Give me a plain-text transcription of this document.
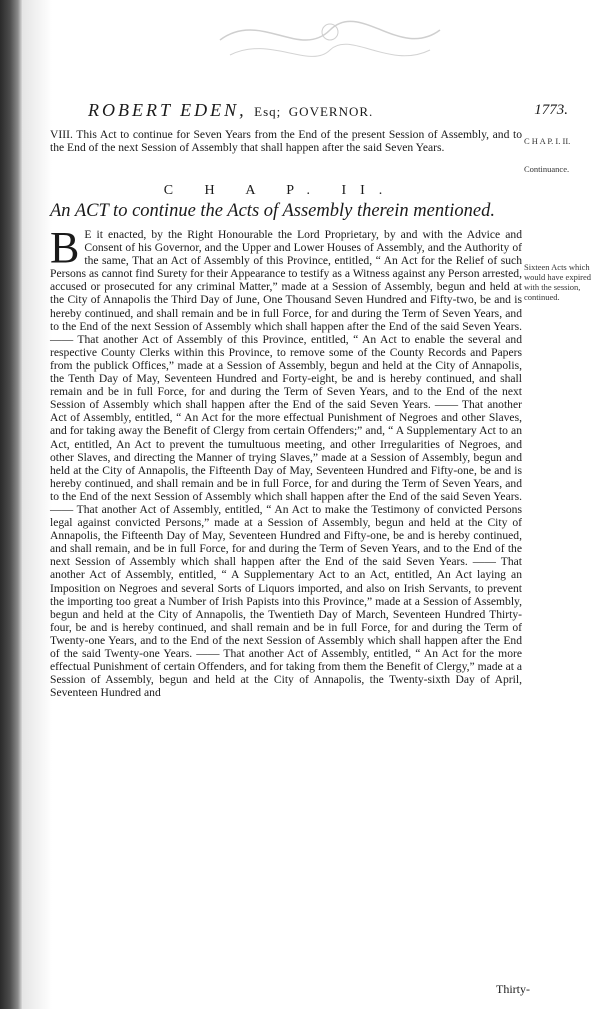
ROBERT EDEN, Esq; GOVERNOR.	1773.
VIII. This Act to continue for Seven Years from the End of the present Session of Assembly, and to the End of the next Session of Assembly that shall happen after the said Seven Years.
C H A P. I. II.
Continuance.
C H A P. II.
An ACT to continue the Acts of Assembly therein mentioned.
Sixteen Acts which would have expired with the session, continued.
B E it enacted, by the Right Honourable the Lord Proprietary, by and with the Advice and Consent of his Governor, and the Upper and Lower Houses of Assembly, and the Authority of the same, That an Act of Assembly of this Province, entitled, “ An Act for the Relief of such Persons as cannot find Surety for their Appearance to testify as a Witness against any Person arrested, accused or prosecuted for any criminal Matter,” made at a Session of Assembly, begun and held at the City of Annapolis the Third Day of June, One Thousand Seven Hundred and Fifty-two, be and is hereby continued, and shall remain and be in full Force, for and during the Term of Seven Years, and to the End of the next Session of Assembly which shall happen after the End of the said Seven Years. —— That another Act of Assembly of this Province, entitled, “ An Act to enable the several and respective County Clerks within this Province, to remove some of the County Records and Papers from the publick Offices,” made at a Session of Assembly, begun and held at the City of Annapolis, the Tenth Day of May, Seventeen Hundred and Forty-eight, be and is hereby continued, and shall remain and be in full Force, for and during the Term of Seven Years, and to the End of the next Session of Assembly which shall happen after the End of the said Seven Years. —— That another Act of Assembly, entitled, “ An Act for the more effectual Punishment of Negroes and other Slaves, and for taking away the Benefit of Clergy from certain Offenders;” and, “ A Supplementary Act to an Act, entitled, An Act to prevent the tumultuous meeting, and other Irregularities of Negroes, and other Slaves, and directing the Manner of trying Slaves,” made at a Session of Assembly, begun and held at the City of Annapolis, the Fifteenth Day of May, Seventeen Hundred and Fifty-one, be and is hereby continued, and shall remain and be in full Force, for and during the Term of Seven Years, and to the End of the next Session of Assembly which shall happen after the End of the said Seven Years. —— That another Act of Assembly, entitled, “ An Act to make the Testimony of convicted Persons legal against convicted Persons,” made at a Session of Assembly, begun and held at the City of Annapolis, the Fifteenth Day of May, Seventeen Hundred and Fifty-one, be and is hereby continued, and shall remain, and be in full Force, for and during the Term of Seven Years, and to the End of the next Session of Assembly which shall happen after the End of the said Seven Years. —— That another Act of Assembly, entitled, “ A Supplementary Act to an Act, entitled, An Act laying an Imposition on Negroes and several Sorts of Liquors imported, and also on Irish Servants, to prevent the importing too great a Number of Irish Papists into this Province,” made at a Session of Assembly, begun and held at the City of Annapolis, the Twentieth Day of March, Seventeen Hundred Thirty-four, be and is hereby continued, and shall remain and be in full Force, for and during the Term of Twenty-one Years, and to the End of the next Session of Assembly which shall happen after the End of the said Twenty-one Years. —— That another Act of Assembly, entitled, “ An Act for the more effectual Punishment of certain Offenders, and for taking from them the Benefit of Clergy,” made at a Session of Assembly, begun and held at the City of Annapolis, the Twenty-sixth Day of April, Seventeen Hundred and
Thirty-
